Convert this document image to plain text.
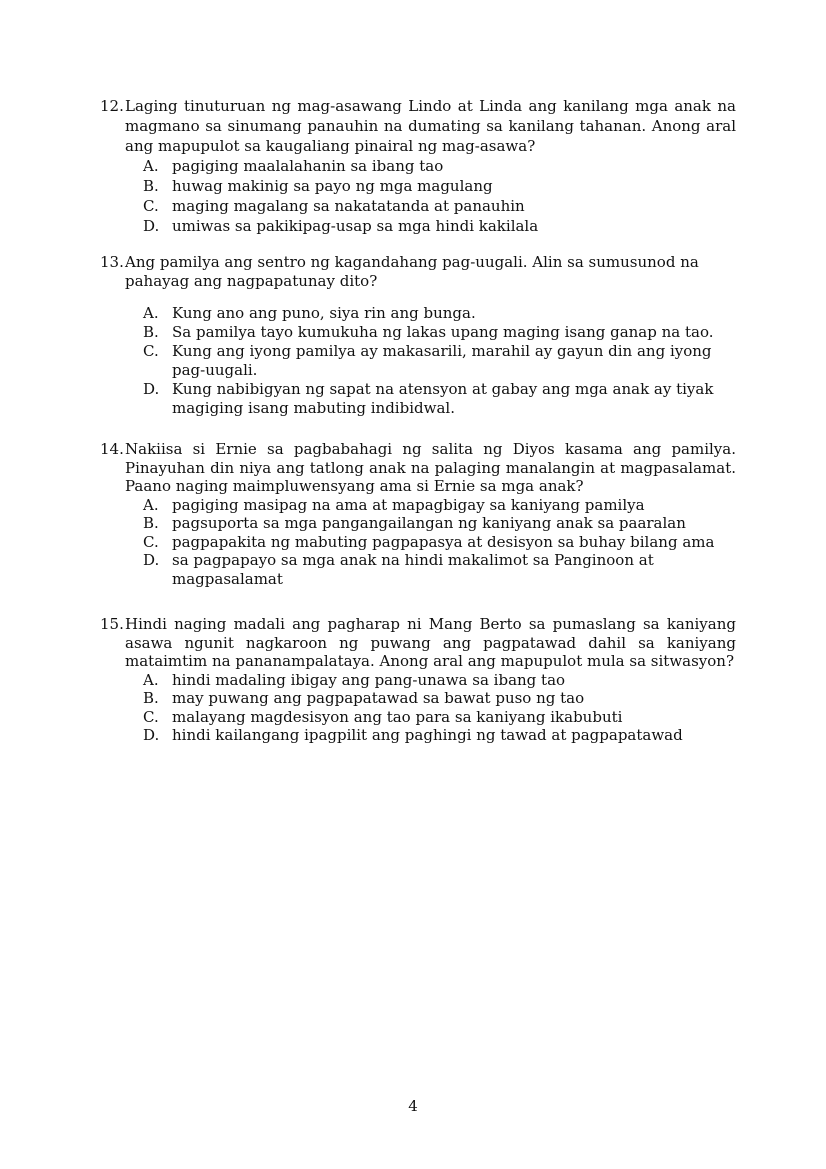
12. Laging tinuturuan ng mag-asawang Lindo at Linda ang kanilang mga anak na magmano sa sinumang panauhin na dumating sa kanilang tahanan. Anong aral ang mapupulot sa kaugaliang pinairal ng mag-asawa?
A. pagiging maalalahanin sa ibang tao
B. huwag makinig sa payo ng mga magulang
C. maging magalang sa nakatatanda at panauhin
D. umiwas sa pakikipag-usap sa mga hindi kakilala
13. Ang pamilya ang sentro ng kagandahang pag-uugali. Alin sa sumusunod na pahayag ang nagpapatunay dito?
A. Kung ano ang puno, siya rin ang bunga.
B. Sa pamilya tayo kumukuha ng lakas upang maging isang ganap na tao.
C. Kung ang iyong pamilya ay makasarili, marahil ay gayun din ang iyong pag-uugali.
D. Kung nabibigyan ng sapat na atensyon at gabay ang mga anak ay tiyak magiging isang mabuting indibidwal.
14. Nakiisa si Ernie sa pagbabahagi ng salita ng Diyos kasama ang pamilya. Pinayuhan din niya ang tatlong anak na palaging manalangin at magpasalamat. Paano naging maimpluwensyang ama si Ernie sa mga anak?
A. pagiging masipag na ama at mapagbigay sa kaniyang pamilya
B. pagsuporta sa mga pangangailangan ng kaniyang anak sa paaralan
C. pagpapakita ng mabuting pagpapasya at desisyon sa buhay bilang ama
D. sa pagpapayo sa mga anak na hindi makalimot sa Panginoon at magpasalamat
15. Hindi naging madali ang pagharap ni Mang Berto sa pumaslang sa kaniyang asawa ngunit nagkaroon ng puwang ang pagpatawad dahil sa kaniyang mataimtim na pananampalataya. Anong aral ang mapupulot mula sa sitwasyon?
A. hindi madaling ibigay ang pang-unawa sa ibang tao
B. may puwang ang pagpapatawad sa bawat puso ng tao
C. malayang magdesisyon ang tao para sa kaniyang ikabubuti
D. hindi kailangang ipagpilit ang paghingi ng tawad at pagpapatawad
4
